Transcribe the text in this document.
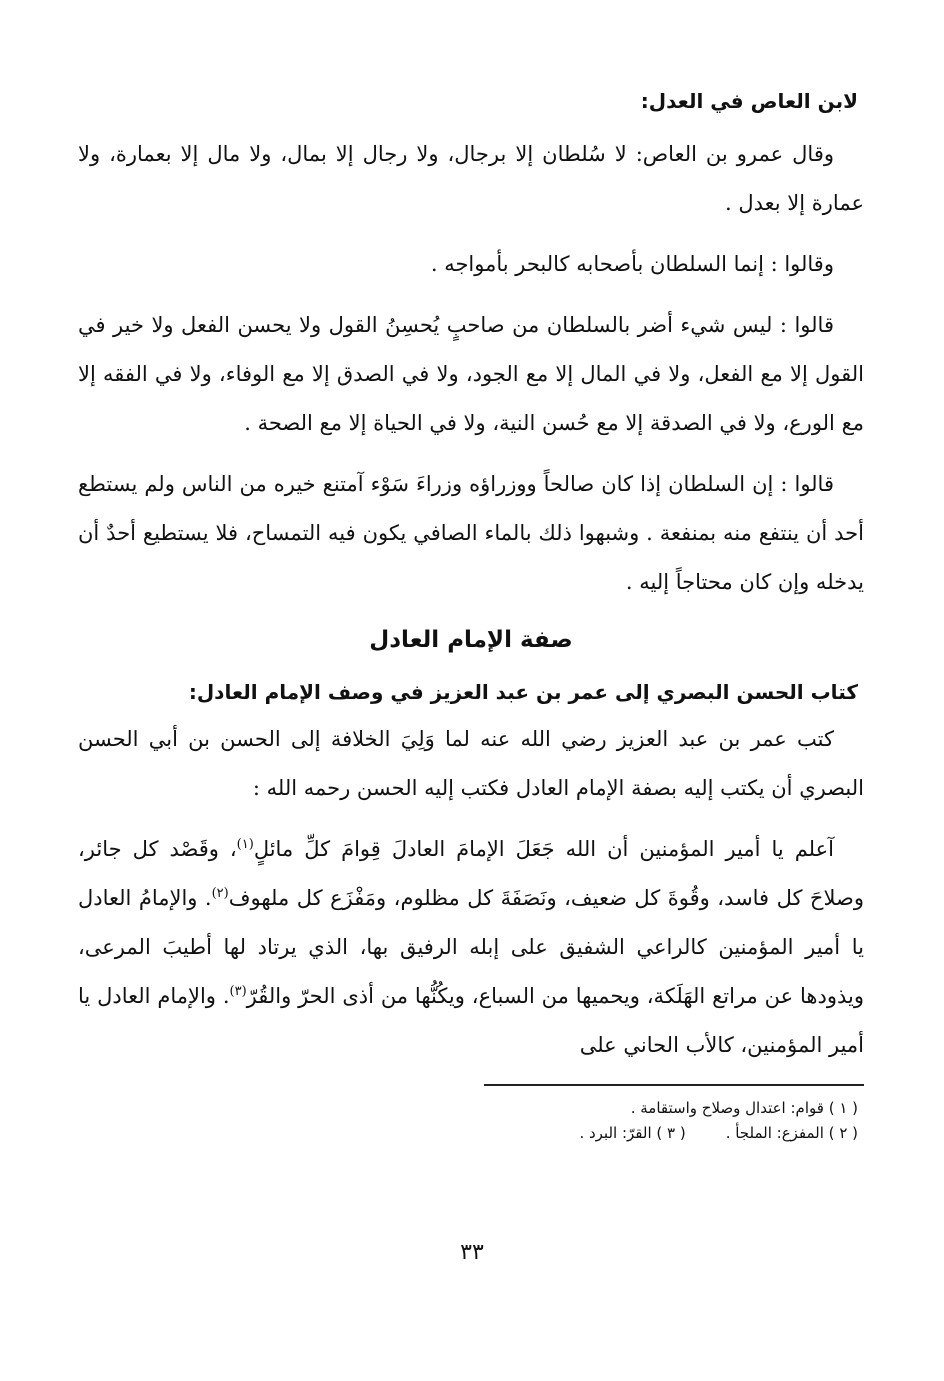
لابن العاص في العدل:

وقال عمرو بن العاص: لا سُلطان إلا برجال، ولا رجال إلا بمال، ولا مال إلا بعمارة، ولا عمارة إلا بعدل .

وقالوا : إنما السلطان بأصحابه كالبحر بأمواجه .

قالوا : ليس شيء أضر بالسلطان من صاحبٍ يُحسِنُ القول ولا يحسن الفعل ولا خير في القول إلا مع الفعل، ولا في المال إلا مع الجود، ولا في الصدق إلا مع الوفاء، ولا في الفقه إلا مع الورع، ولا في الصدقة إلا مع حُسن النية، ولا في الحياة إلا مع الصحة .

قالوا : إن السلطان إذا كان صالحاً ووزراؤه وزراءَ سَوْء آمتنع خيره من الناس ولم يستطع أحد أن ينتفع منه بمنفعة . وشبهوا ذلك بالماء الصافي يكون فيه التمساح، فلا يستطيع أحدٌ أن يدخله وإن كان محتاجاً إليه .

صفة الإمام العادل
كتاب الحسن البصري إلى عمر بن عبد العزيز في وصف الإمام العادل:

كتب عمر بن عبد العزيز رضي الله عنه لما وَلِيَ الخلافة إلى الحسن بن أبي الحسن البصري أن يكتب إليه بصفة الإمام العادل فكتب إليه الحسن رحمه الله :

آعلم يا أمير المؤمنين أن الله جَعَلَ الإمامَ العادلَ قِوامَ كلِّ مائلٍ$^{(١)}$، وقَصْد كل جائر، وصلاحَ كل فاسد، وقُوةَ كل ضعيف، ونَصَفَةَ كل مظلوم، ومَفْزَع كل ملهوف$^{(٢)}$. والإمامُ العادل يا أمير المؤمنين كالراعي الشفيق على إبله الرفيق بها، الذي يرتاد لها أطيبَ المرعى، ويذودها عن مراتع الهَلَكة، ويحميها من السباع، ويكُنُّها من أذى الحرّ والقُرّ$^{(٣)}$. والإمام العادل يا أمير المؤمنين، كالأب الحاني على

( ١ ) قوام: اعتدال وصلاح واستقامة .
( ٢ ) المفزع: الملجأ .( ٣ ) القرّ: البرد .
٣٣
